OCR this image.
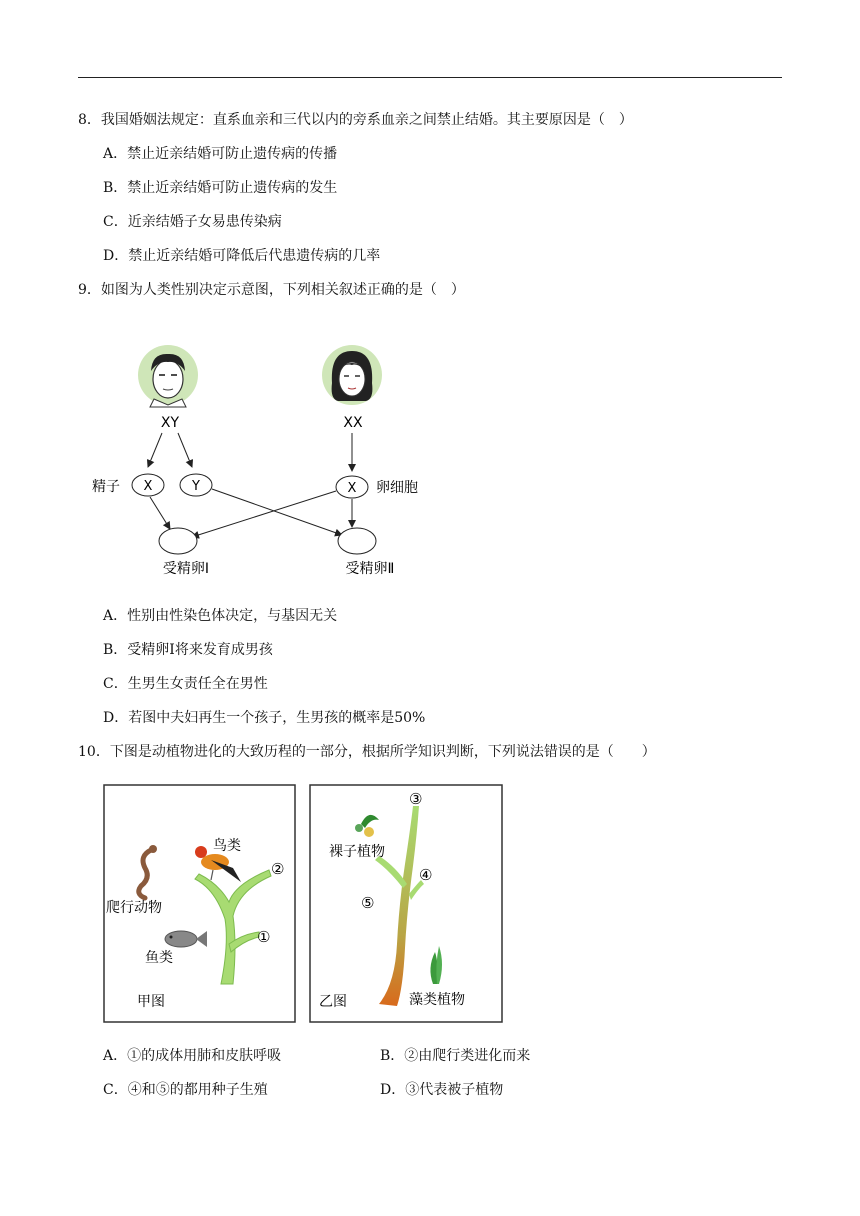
8．我国婚姻法规定：直系血亲和三代以内的旁系血亲之间禁止结婚。其主要原因是（　）
A．禁止近亲结婚可防止遗传病的传播
B．禁止近亲结婚可防止遗传病的发生
C．近亲结婚子女易患传染病
D．禁止近亲结婚可降低后代患遗传病的几率
9．如图为人类性别决定示意图，下列相关叙述正确的是（　）
XY	XX
精子 X	Y	X 卵细胞
受精卵Ⅰ	受精卵Ⅱ
A．性别由性染色体决定，与基因无关
B．受精卵Ⅰ将来发育成男孩
C．生男生女责任全在男性
D．若图中夫妇再生一个孩子，生男孩的概率是50%
10．下图是动植物进化的大致历程的一部分，根据所学知识判断，下列说法错误的是（　　）
鸟类
爬行动物
鱼类
②
①
甲图
③
④
⑤
裸子植物
藻类植物
乙图
A．①的成体用肺和皮肤呼吸	B．②由爬行类进化而来
C．④和⑤的都用种子生殖	D．③代表被子植物
